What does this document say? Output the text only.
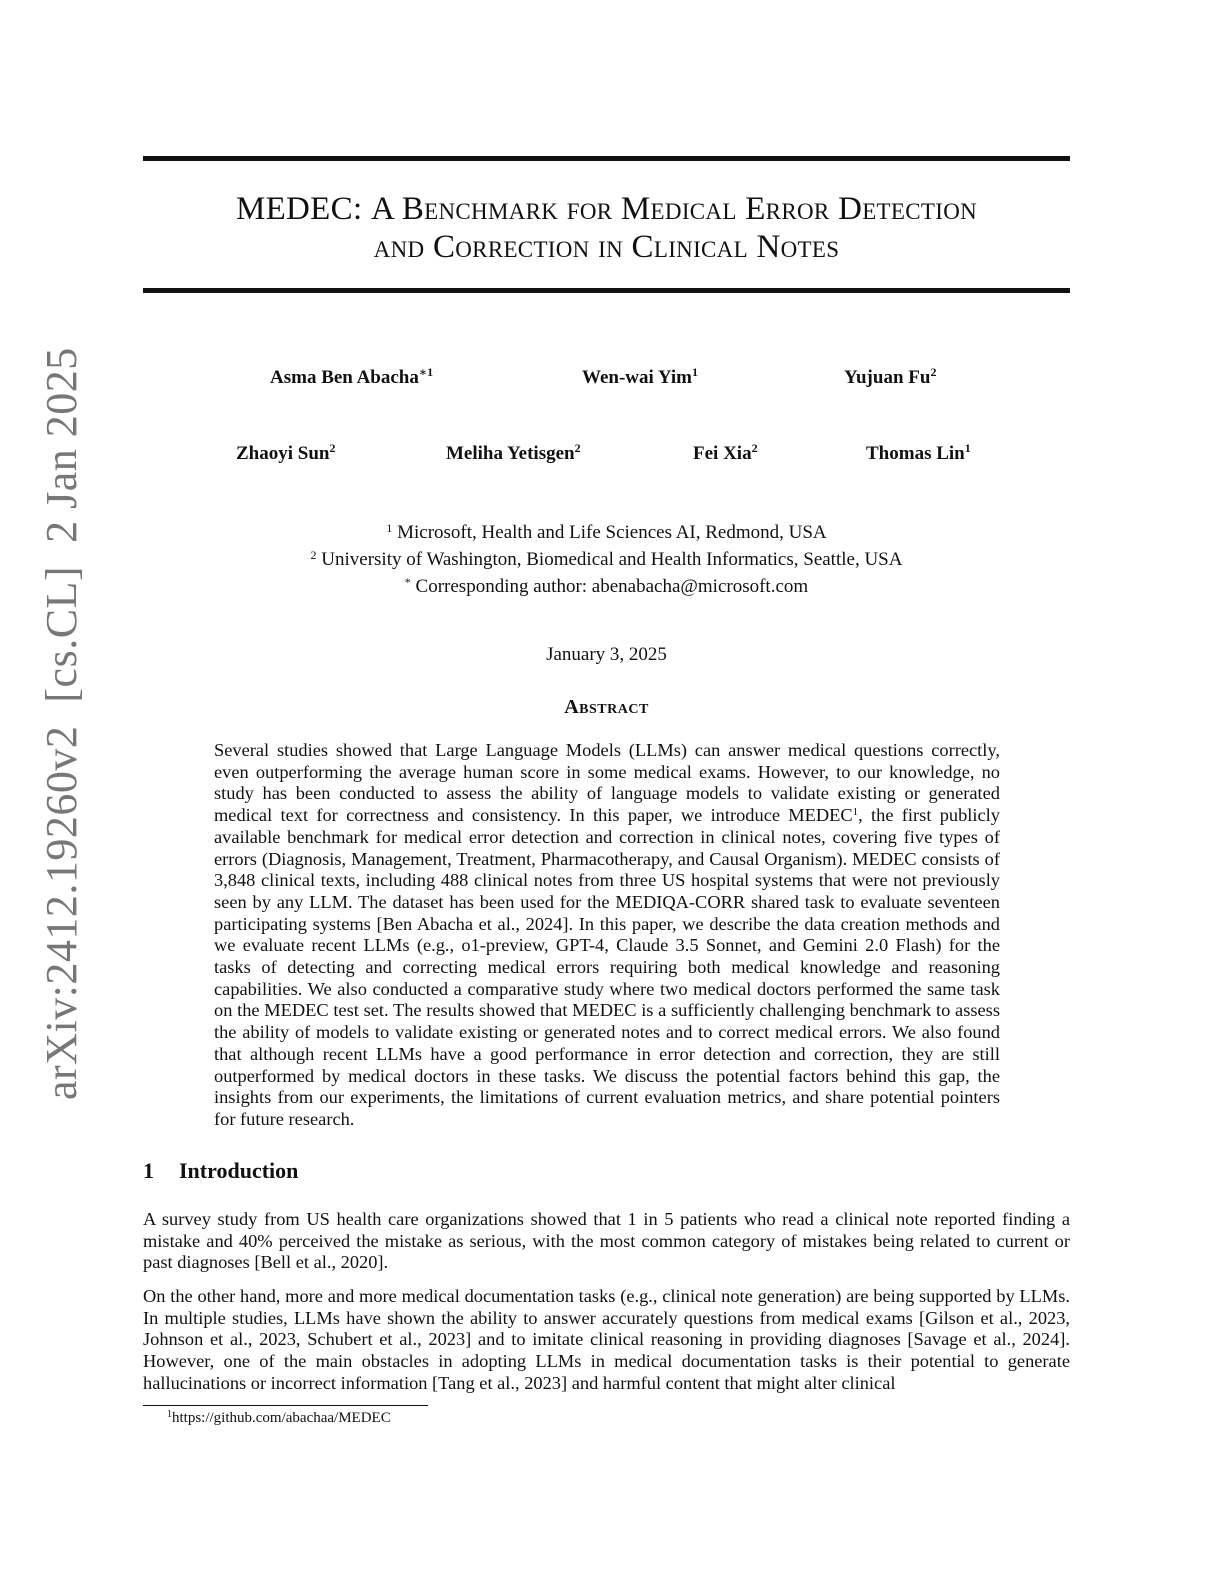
arXiv:2412.19260v2  [cs.CL]  2 Jan 2025
MEDEC: A Benchmark for Medical Error Detection
and Correction in Clinical Notes
Asma Ben Abacha$^{∗1}$	Wen-wai Yim$^1$	Yujuan Fu$^2$
Zhaoyi Sun$^2$	Meliha Yetisgen$^2$	Fei Xia$^2$	Thomas Lin$^1$
$^1$ Microsoft, Health and Life Sciences AI, Redmond, USA
$^2$ University of Washington, Biomedical and Health Informatics, Seattle, USA
* Corresponding author: abenabacha@microsoft.com
January 3, 2025
Abstract
Several studies showed that Large Language Models (LLMs) can answer medical questions correctly, even outperforming the average human score in some medical exams. However, to our knowledge, no study has been conducted to assess the ability of language models to validate existing or generated medical text for correctness and consistency. In this paper, we introduce MEDEC$^1$, the first publicly available benchmark for medical error detection and correction in clinical notes, covering five types of errors (Diagnosis, Management, Treatment, Pharmacotherapy, and Causal Organism). MEDEC consists of 3,848 clinical texts, including 488 clinical notes from three US hospital systems that were not previously seen by any LLM. The dataset has been used for the MEDIQA-CORR shared task to evaluate seventeen participating systems [Ben Abacha et al., 2024]. In this paper, we describe the data creation methods and we evaluate recent LLMs (e.g., o1-preview, GPT-4, Claude 3.5 Sonnet, and Gemini 2.0 Flash) for the tasks of detecting and correcting medical errors requiring both medical knowledge and reasoning capabilities. We also conducted a comparative study where two medical doctors performed the same task on the MEDEC test set. The results showed that MEDEC is a sufficiently challenging benchmark to assess the ability of models to validate existing or generated notes and to correct medical errors. We also found that although recent LLMs have a good performance in error detection and correction, they are still outperformed by medical doctors in these tasks. We discuss the potential factors behind this gap, the insights from our experiments, the limitations of current evaluation metrics, and share potential pointers for future research.
1 Introduction
A survey study from US health care organizations showed that 1 in 5 patients who read a clinical note reported finding a mistake and 40% perceived the mistake as serious, with the most common category of mistakes being related to current or past diagnoses [Bell et al., 2020].
On the other hand, more and more medical documentation tasks (e.g., clinical note generation) are being supported by LLMs. In multiple studies, LLMs have shown the ability to answer accurately questions from medical exams [Gilson et al., 2023, Johnson et al., 2023, Schubert et al., 2023] and to imitate clinical reasoning in providing diagnoses [Savage et al., 2024]. However, one of the main obstacles in adopting LLMs in medical documentation tasks is their potential to generate hallucinations or incorrect information [Tang et al., 2023] and harmful content that might alter clinical
$^1$https://github.com/abachaa/MEDEC
